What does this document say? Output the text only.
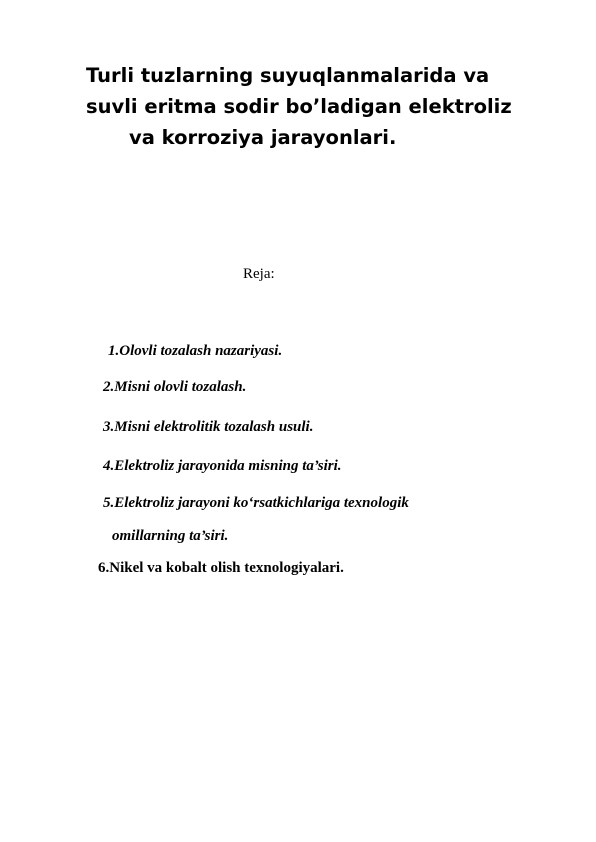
Turli tuzlarning suyuqlanmalarida va
suvli eritma sodir bo’ladigan elektroliz
va korroziya jarayonlari.
Reja:
1.Olovli tozalash nazariyasi.
2.Misni olovli tozalash.
3.Misni elektrolitik tozalash usuli.
4.Elektroliz jarayonida misning ta’siri.
5.Elektroliz jarayoni ko‘rsatkichlariga texnologik
omillarning ta’siri.
6.Nikel va kobalt olish texnologiyalari.
